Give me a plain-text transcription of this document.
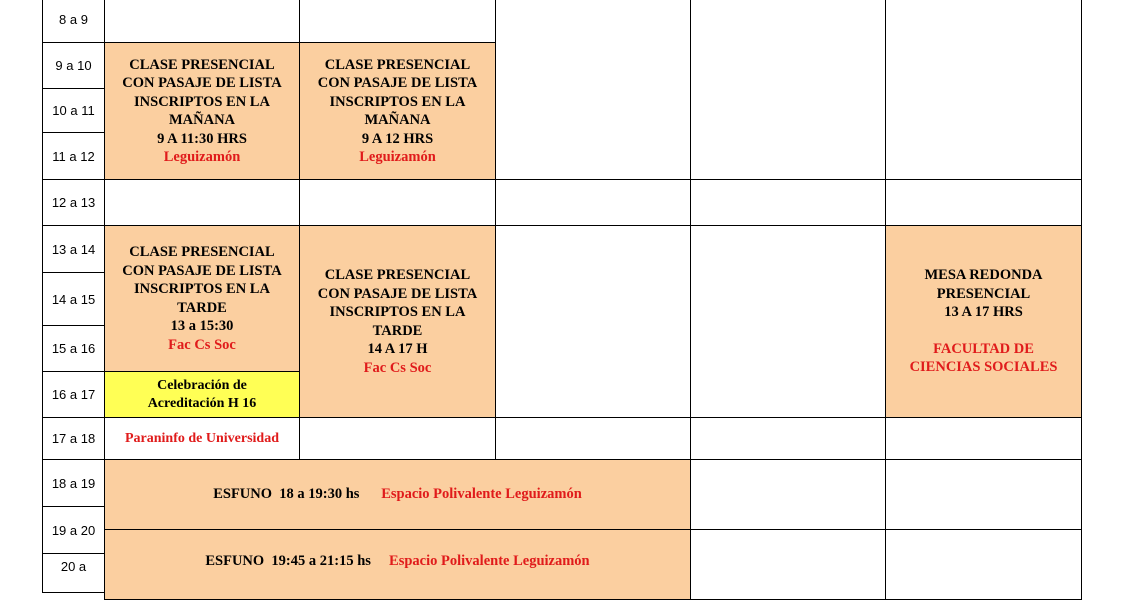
8 a 9
9 a 10
10 a 11
11 a 12
12 a 13
13 a 14
14 a 15
15 a 16
16 a 17
17 a 18
18 a 19
19 a 20
20 a
CLASE PRESENCIAL
CON PASAJE DE LISTA
INSCRIPTOS EN LA
MAÑANA
9 A 11:30 HRS
Leguizamón
CLASE PRESENCIAL
CON PASAJE DE LISTA
INSCRIPTOS EN LA
MAÑANA
9 A 12 HRS
Leguizamón
CLASE PRESENCIAL
CON PASAJE DE LISTA
INSCRIPTOS EN LA
TARDE
13 a 15:30
Fac Cs Soc
Celebración de
Acreditación H 16
Paraninfo de Universidad
CLASE PRESENCIAL
CON PASAJE DE LISTA
INSCRIPTOS EN LA
TARDE
14 A 17 H
Fac Cs Soc
MESA REDONDA
PRESENCIAL
13 A 17 HRS
FACULTAD DE
CIENCIAS SOCIALES
ESFUNO  18 a 19:30 hs
Espacio Polivalente Leguizamón
ESFUNO  19:45 a 21:15 hs
Espacio Polivalente Leguizamón
